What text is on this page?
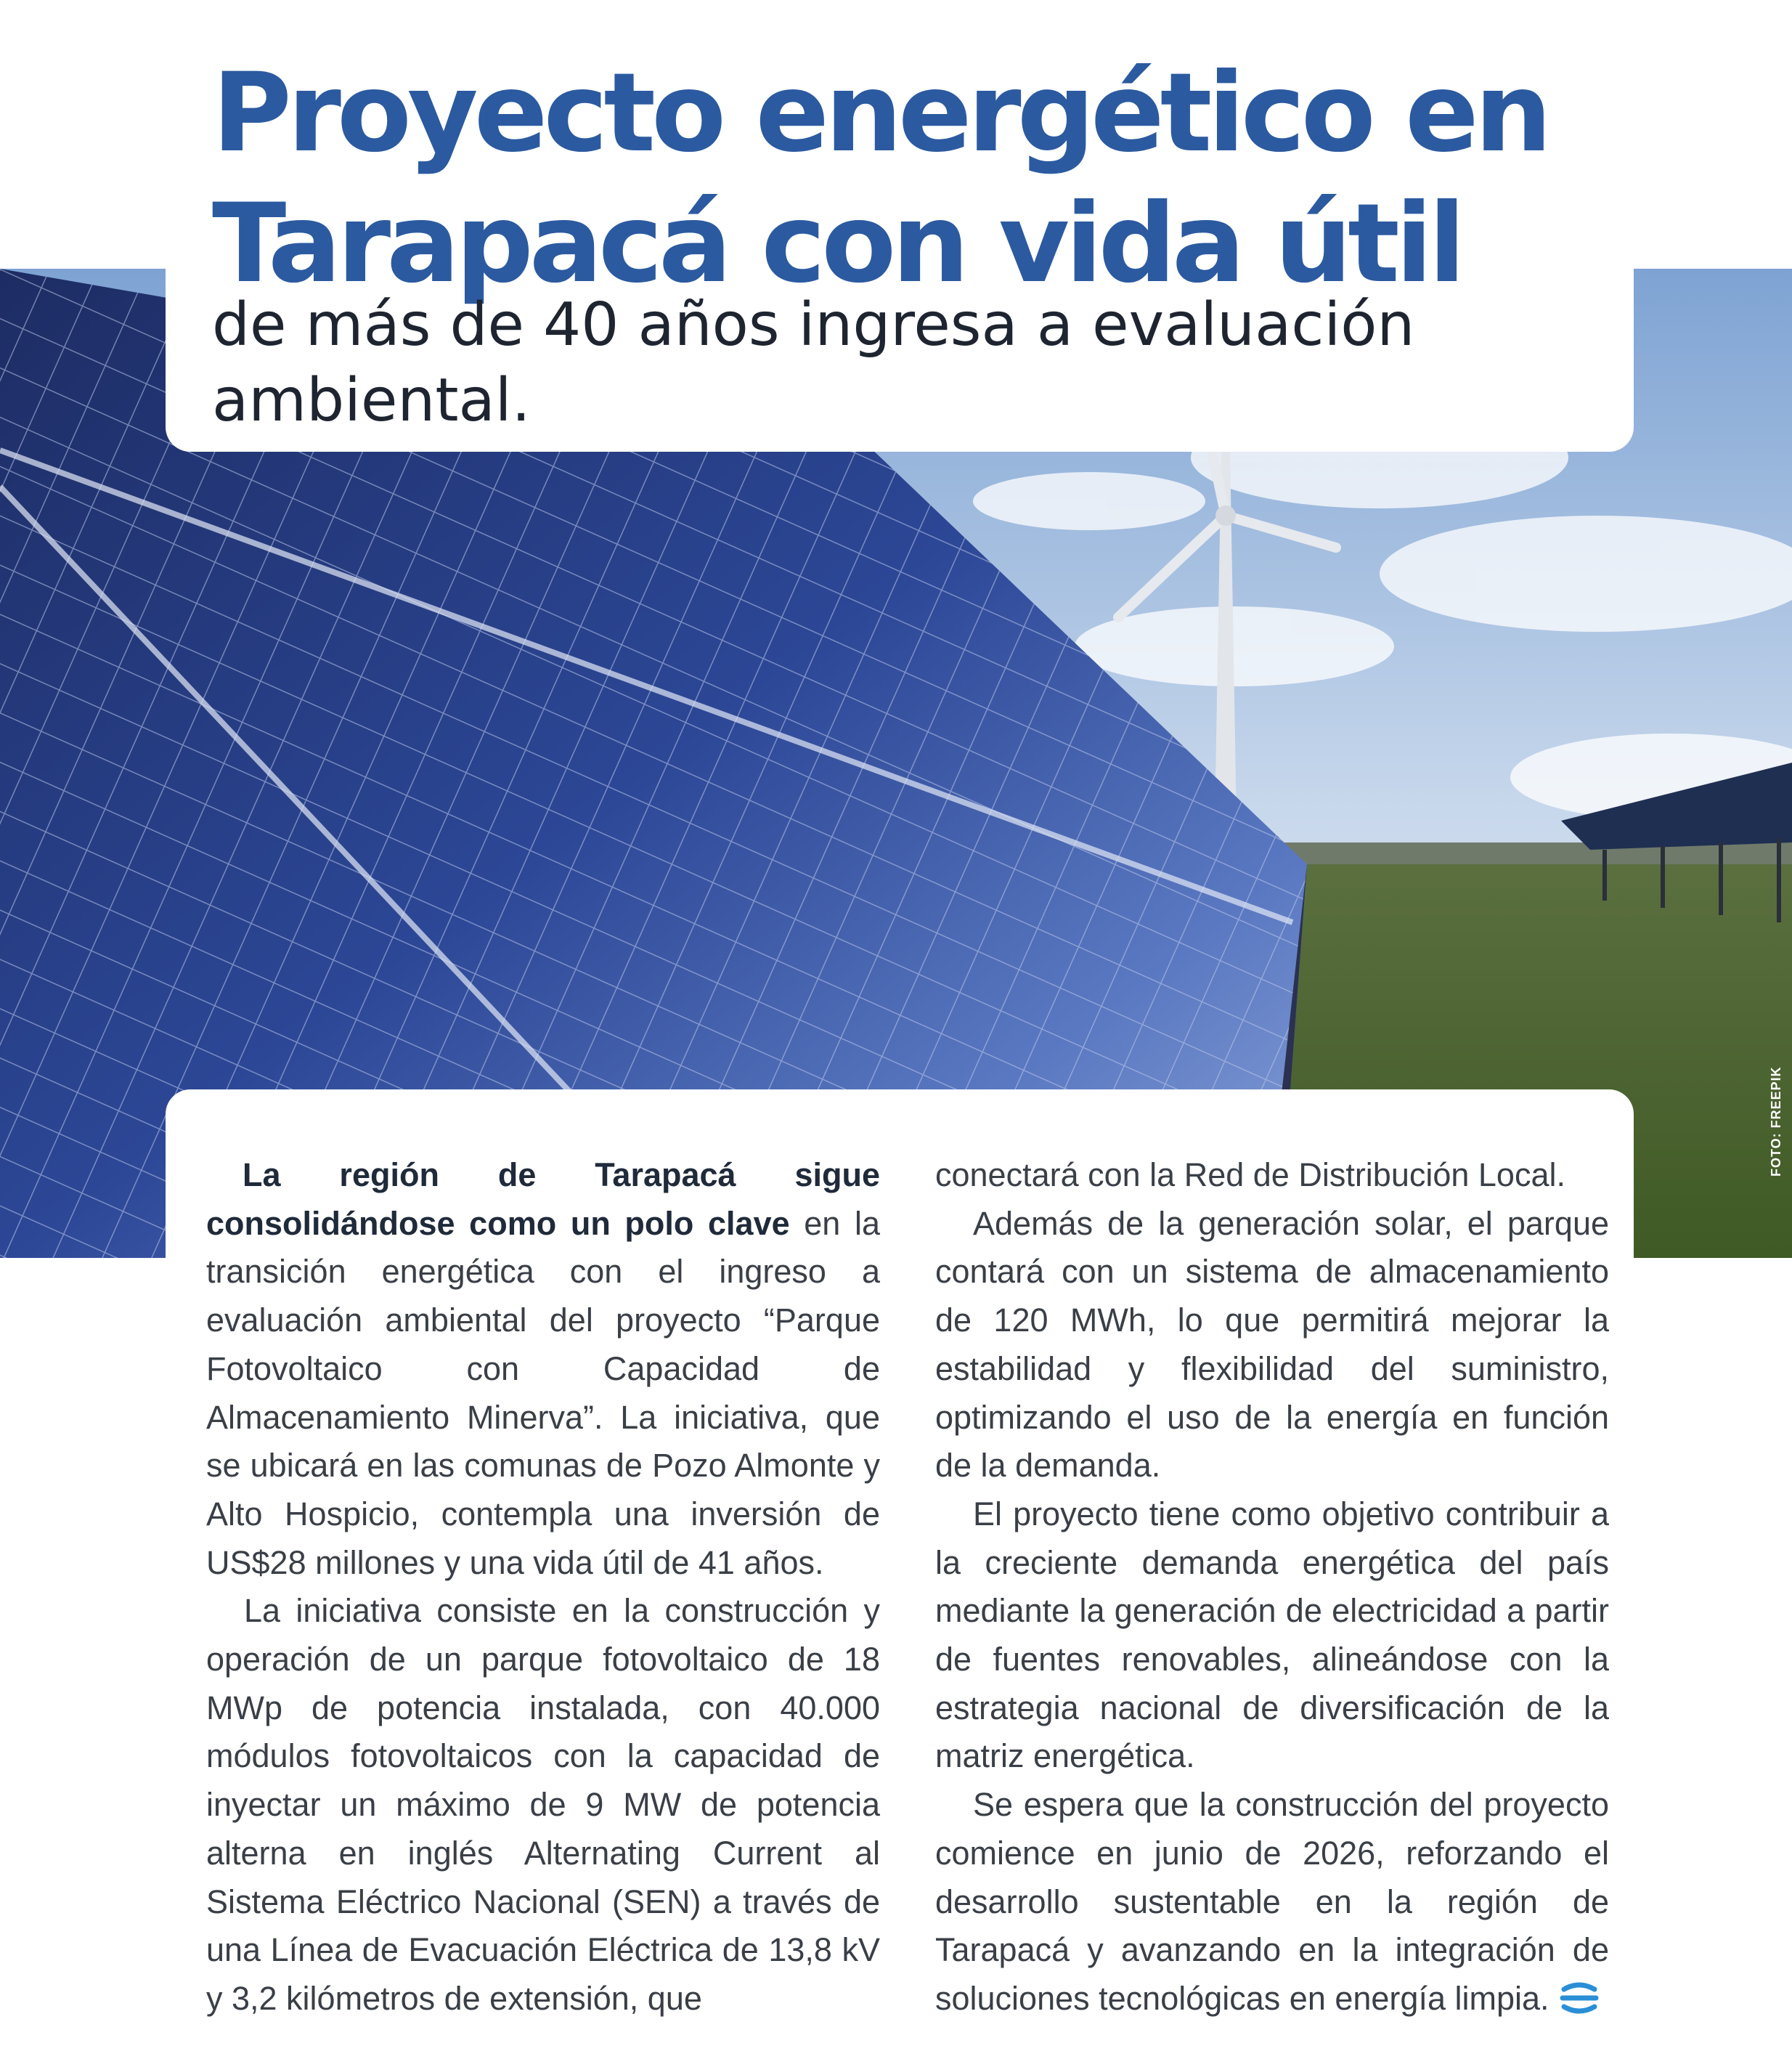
FOTO: FREEPIK
Proyecto energético en Tarapacá con vida útil
de más de 40 años ingresa a evaluación ambiental.

La región de Tarapacá sigue consolidándose como un polo clave en la transición energética con el ingreso a evaluación ambiental del proyecto “Parque Fotovoltaico con Capacidad de Almacenamiento Minerva”. La iniciativa, que se ubicará en las comunas de Pozo Almonte y Alto Hospicio, contempla una inversión de US$28 millones y una vida útil de 41 años.

La iniciativa consiste en la construcción y operación de un parque fotovoltaico de 18 MWp de potencia instalada, con 40.000 módulos fotovoltaicos con la capacidad de inyectar un máximo de 9 MW de potencia alterna en inglés Alternating Current al Sistema Eléctrico Nacional (SEN) a través de una Línea de Evacuación Eléctrica de 13,8 kV y 3,2 kilómetros de extensión, que

conectará con la Red de Distribución Local.

Además de la generación solar, el parque contará con un sistema de almacenamiento de 120 MWh, lo que permitirá mejorar la estabilidad y flexibilidad del suministro, optimizando el uso de la energía en función de la demanda.

El proyecto tiene como objetivo contribuir a la creciente demanda energética del país mediante la generación de electricidad a partir de fuentes renovables, alineándose con la estrategia nacional de diversificación de la matriz energética.

Se espera que la construcción del proyecto comience en junio de 2026, reforzando el desarrollo sustentable en la región de Tarapacá y avanzando en la integración de soluciones tecnológicas en energía limpia.
